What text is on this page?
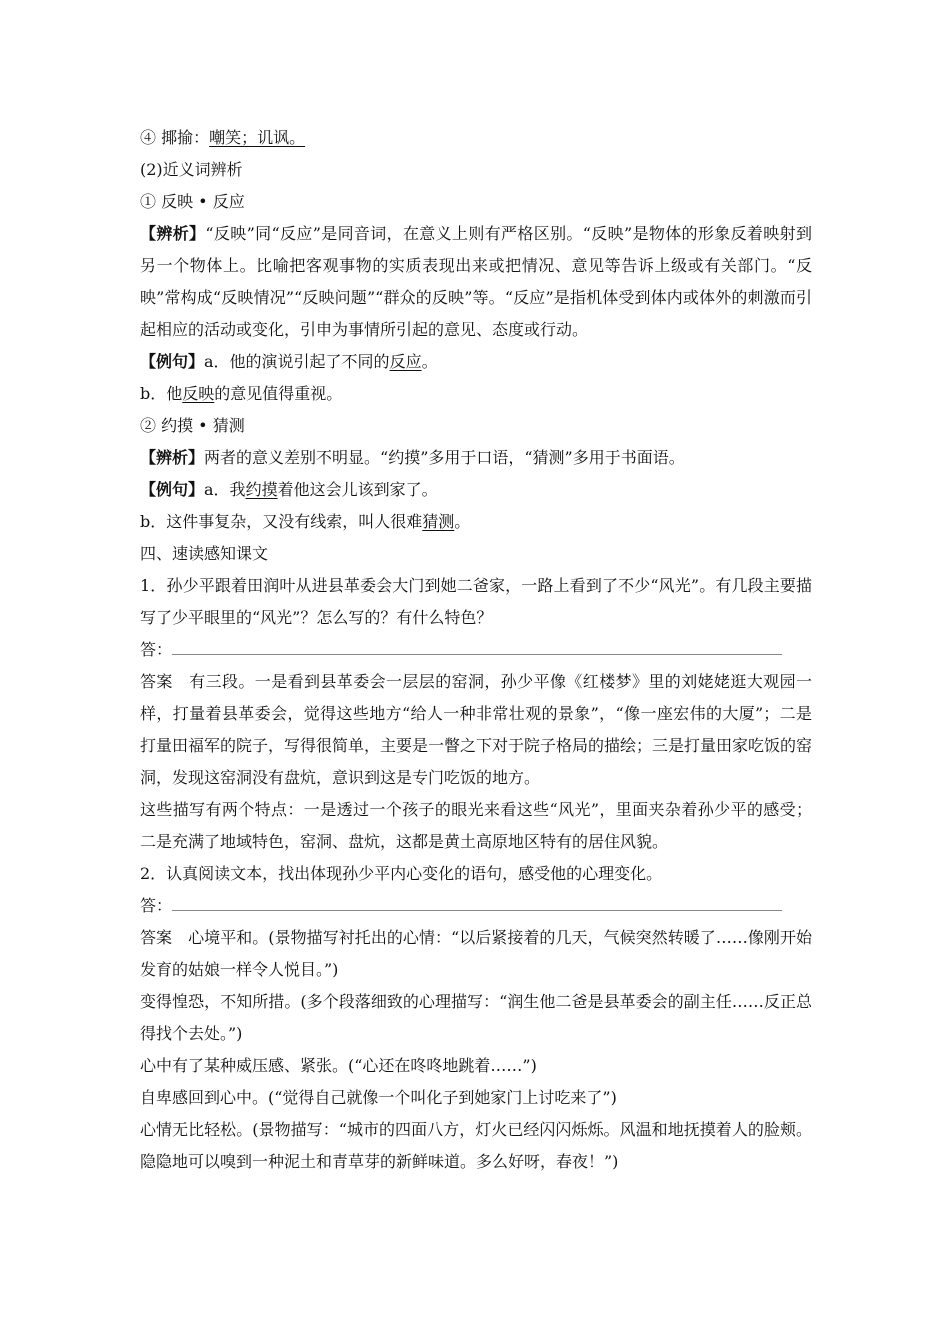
④ 揶揄：嘲笑；讥讽。
(2)近义词辨析
① 反映 • 反应
【辨析】“反映”同“反应”是同音词，在意义上则有严格区别。“反映”是物体的形象反着映射到另一个物体上。比喻把客观事物的实质表现出来或把情况、意见等告诉上级或有关部门。“反映”常构成“反映情况”“反映问题”“群众的反映”等。“反应”是指机体受到体内或体外的刺激而引起相应的活动或变化，引申为事情所引起的意见、态度或行动。
【例句】a．他的演说引起了不同的反应。
b．他反映的意见值得重视。
② 约摸 • 猜测
【辨析】两者的意义差别不明显。“约摸”多用于口语，“猜测”多用于书面语。
【例句】a．我约摸着他这会儿该到家了。
b．这件事复杂，又没有线索，叫人很难猜测。
四、速读感知课文
1．孙少平跟着田润叶从进县革委会大门到她二爸家，一路上看到了不少“风光”。有几段主要描写了少平眼里的“风光”？怎么写的？有什么特色？
答：
答案　有三段。一是看到县革委会一层层的窑洞，孙少平像《红楼梦》里的刘姥姥逛大观园一样，打量着县革委会，觉得这些地方“给人一种非常壮观的景象”，“像一座宏伟的大厦”；二是打量田福军的院子，写得很简单，主要是一瞥之下对于院子格局的描绘；三是打量田家吃饭的窑洞，发现这窑洞没有盘炕，意识到这是专门吃饭的地方。
这些描写有两个特点：一是透过一个孩子的眼光来看这些“风光”，里面夹杂着孙少平的感受；二是充满了地域特色，窑洞、盘炕，这都是黄土高原地区特有的居住风貌。
2．认真阅读文本，找出体现孙少平内心变化的语句，感受他的心理变化。
答：
答案　心境平和。(景物描写衬托出的心情：“以后紧接着的几天，气候突然转暖了……像刚开始发育的姑娘一样令人悦目。”)
变得惶恐，不知所措。(多个段落细致的心理描写：“润生他二爸是县革委会的副主任……反正总得找个去处。”)
心中有了某种威压感、紧张。(“心还在咚咚地跳着……”)
自卑感回到心中。(“觉得自己就像一个叫化子到她家门上讨吃来了”)
心情无比轻松。(景物描写：“城市的四面八方，灯火已经闪闪烁烁。风温和地抚摸着人的脸颊。隐隐地可以嗅到一种泥土和青草芽的新鲜味道。多么好呀，春夜！”)
